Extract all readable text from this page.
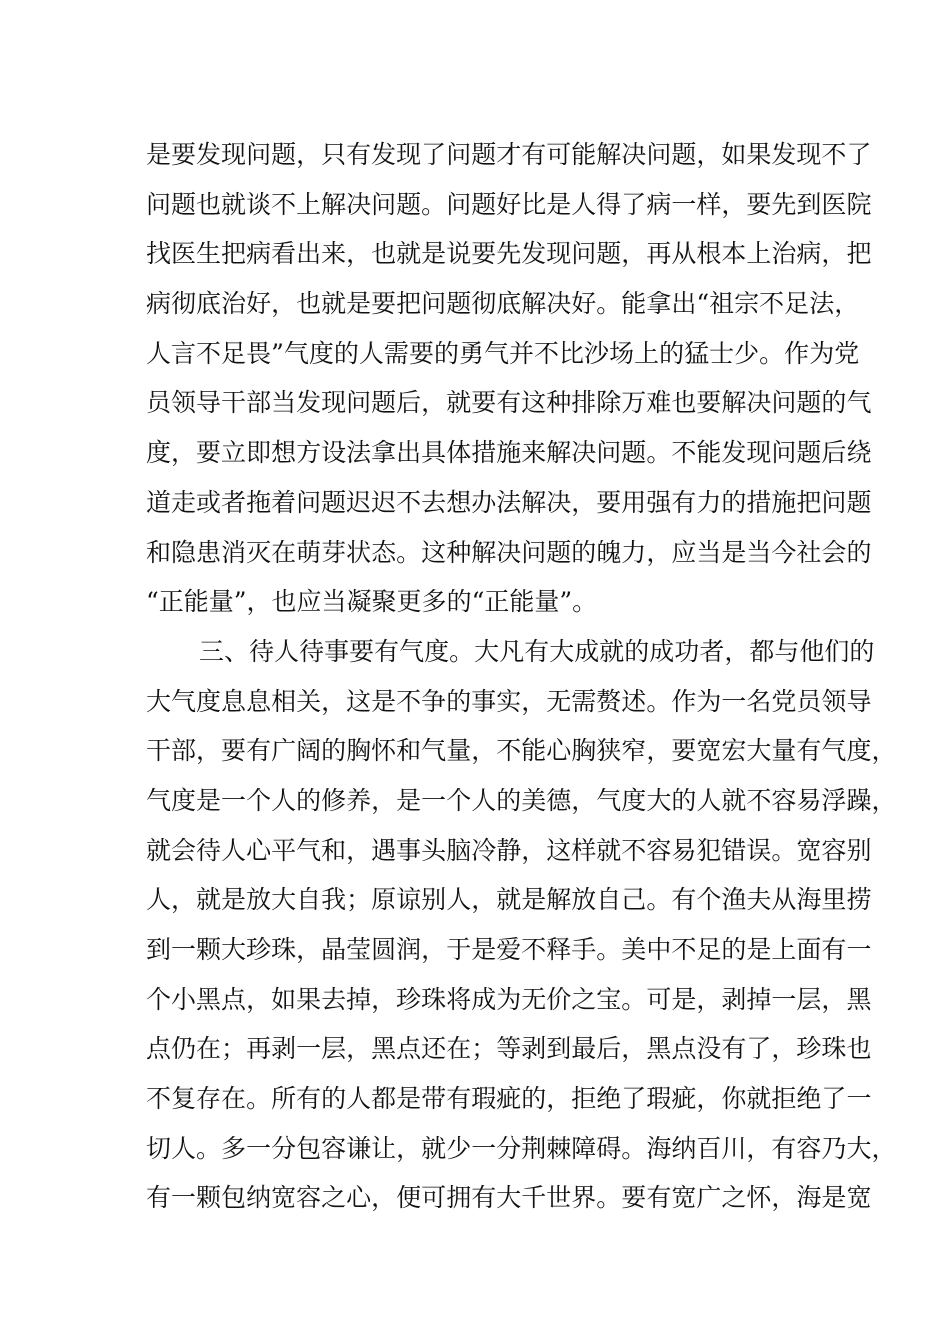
是 要 发 现 问 题 ， 只 有 发 现 了 问 题 才 有 可 能 解 决 问 题 ， 如 果 发 现 不 了
问 题 也 就 谈 不 上 解 决 问 题 。 问 题 好 比 是 人 得 了 病 一 样 ， 要 先 到 医 院
找 医 生 把 病 看 出 来 ， 也 就 是 说 要 先 发 现 问 题 ， 再 从 根 本 上 治 病 ， 把
病 彻 底 治 好 ， 也 就 是 要 把 问 题 彻 底 解 决 好 。 能 拿 出 “ 祖 宗 不 足 法 ，
人 言 不 足 畏 ” 气 度 的 人 需 要 的 勇 气 并 不 比 沙 场 上 的 猛 士 少 。 作 为 党
员 领 导 干 部 当 发 现 问 题 后 ， 就 要 有 这 种 排 除 万 难 也 要 解 决 问 题 的 气
度 ， 要 立 即 想 方 设 法 拿 出 具 体 措 施 来 解 决 问 题 。 不 能 发 现 问 题 后 绕
道 走 或 者 拖 着 问 题 迟 迟 不 去 想 办 法 解 决 ， 要 用 强 有 力 的 措 施 把 问 题
和 隐 患 消 灭 在 萌 芽 状 态 。 这 种 解 决 问 题 的 魄 力 ， 应 当 是 当 今 社 会 的
“正能量”，也应当凝聚更多的“正能量”。
三 、 待 人 待 事 要 有 气 度 。 大 凡 有 大 成 就 的 成 功 者 ， 都 与 他 们 的
大 气 度 息 息 相 关 ， 这 是 不 争 的 事 实 ， 无 需 赘 述 。 作 为 一 名 党 员 领 导
干 部 ， 要 有 广 阔 的 胸 怀 和 气 量 ， 不 能 心 胸 狭 窄 ， 要 宽 宏 大 量 有 气 度 ，
气 度 是 一 个 人 的 修 养 ， 是 一 个 人 的 美 德 ， 气 度 大 的 人 就 不 容 易 浮 躁 ，
就 会 待 人 心 平 气 和 ， 遇 事 头 脑 冷 静 ， 这 样 就 不 容 易 犯 错 误 。 宽 容 别
人 ， 就 是 放 大 自 我 ； 原 谅 别 人 ， 就 是 解 放 自 己 。 有 个 渔 夫 从 海 里 捞
到 一 颗 大 珍 珠 ， 晶 莹 圆 润 ， 于 是 爱 不 释 手 。 美 中 不 足 的 是 上 面 有 一
个 小 黑 点 ， 如 果 去 掉 ， 珍 珠 将 成 为 无 价 之 宝 。 可 是 ， 剥 掉 一 层 ， 黑
点 仍 在 ； 再 剥 一 层 ， 黑 点 还 在 ； 等 剥 到 最 后 ， 黑 点 没 有 了 ， 珍 珠 也
不 复 存 在 。 所 有 的 人 都 是 带 有 瑕 疵 的 ， 拒 绝 了 瑕 疵 ， 你 就 拒 绝 了 一
切 人 。 多 一 分 包 容 谦 让 ， 就 少 一 分 荆 棘 障 碍 。 海 纳 百 川 ， 有 容 乃 大 ，
有 一 颗 包 纳 宽 容 之 心 ， 便 可 拥 有 大 千 世 界 。 要 有 宽 广 之 怀 ， 海 是 宽
